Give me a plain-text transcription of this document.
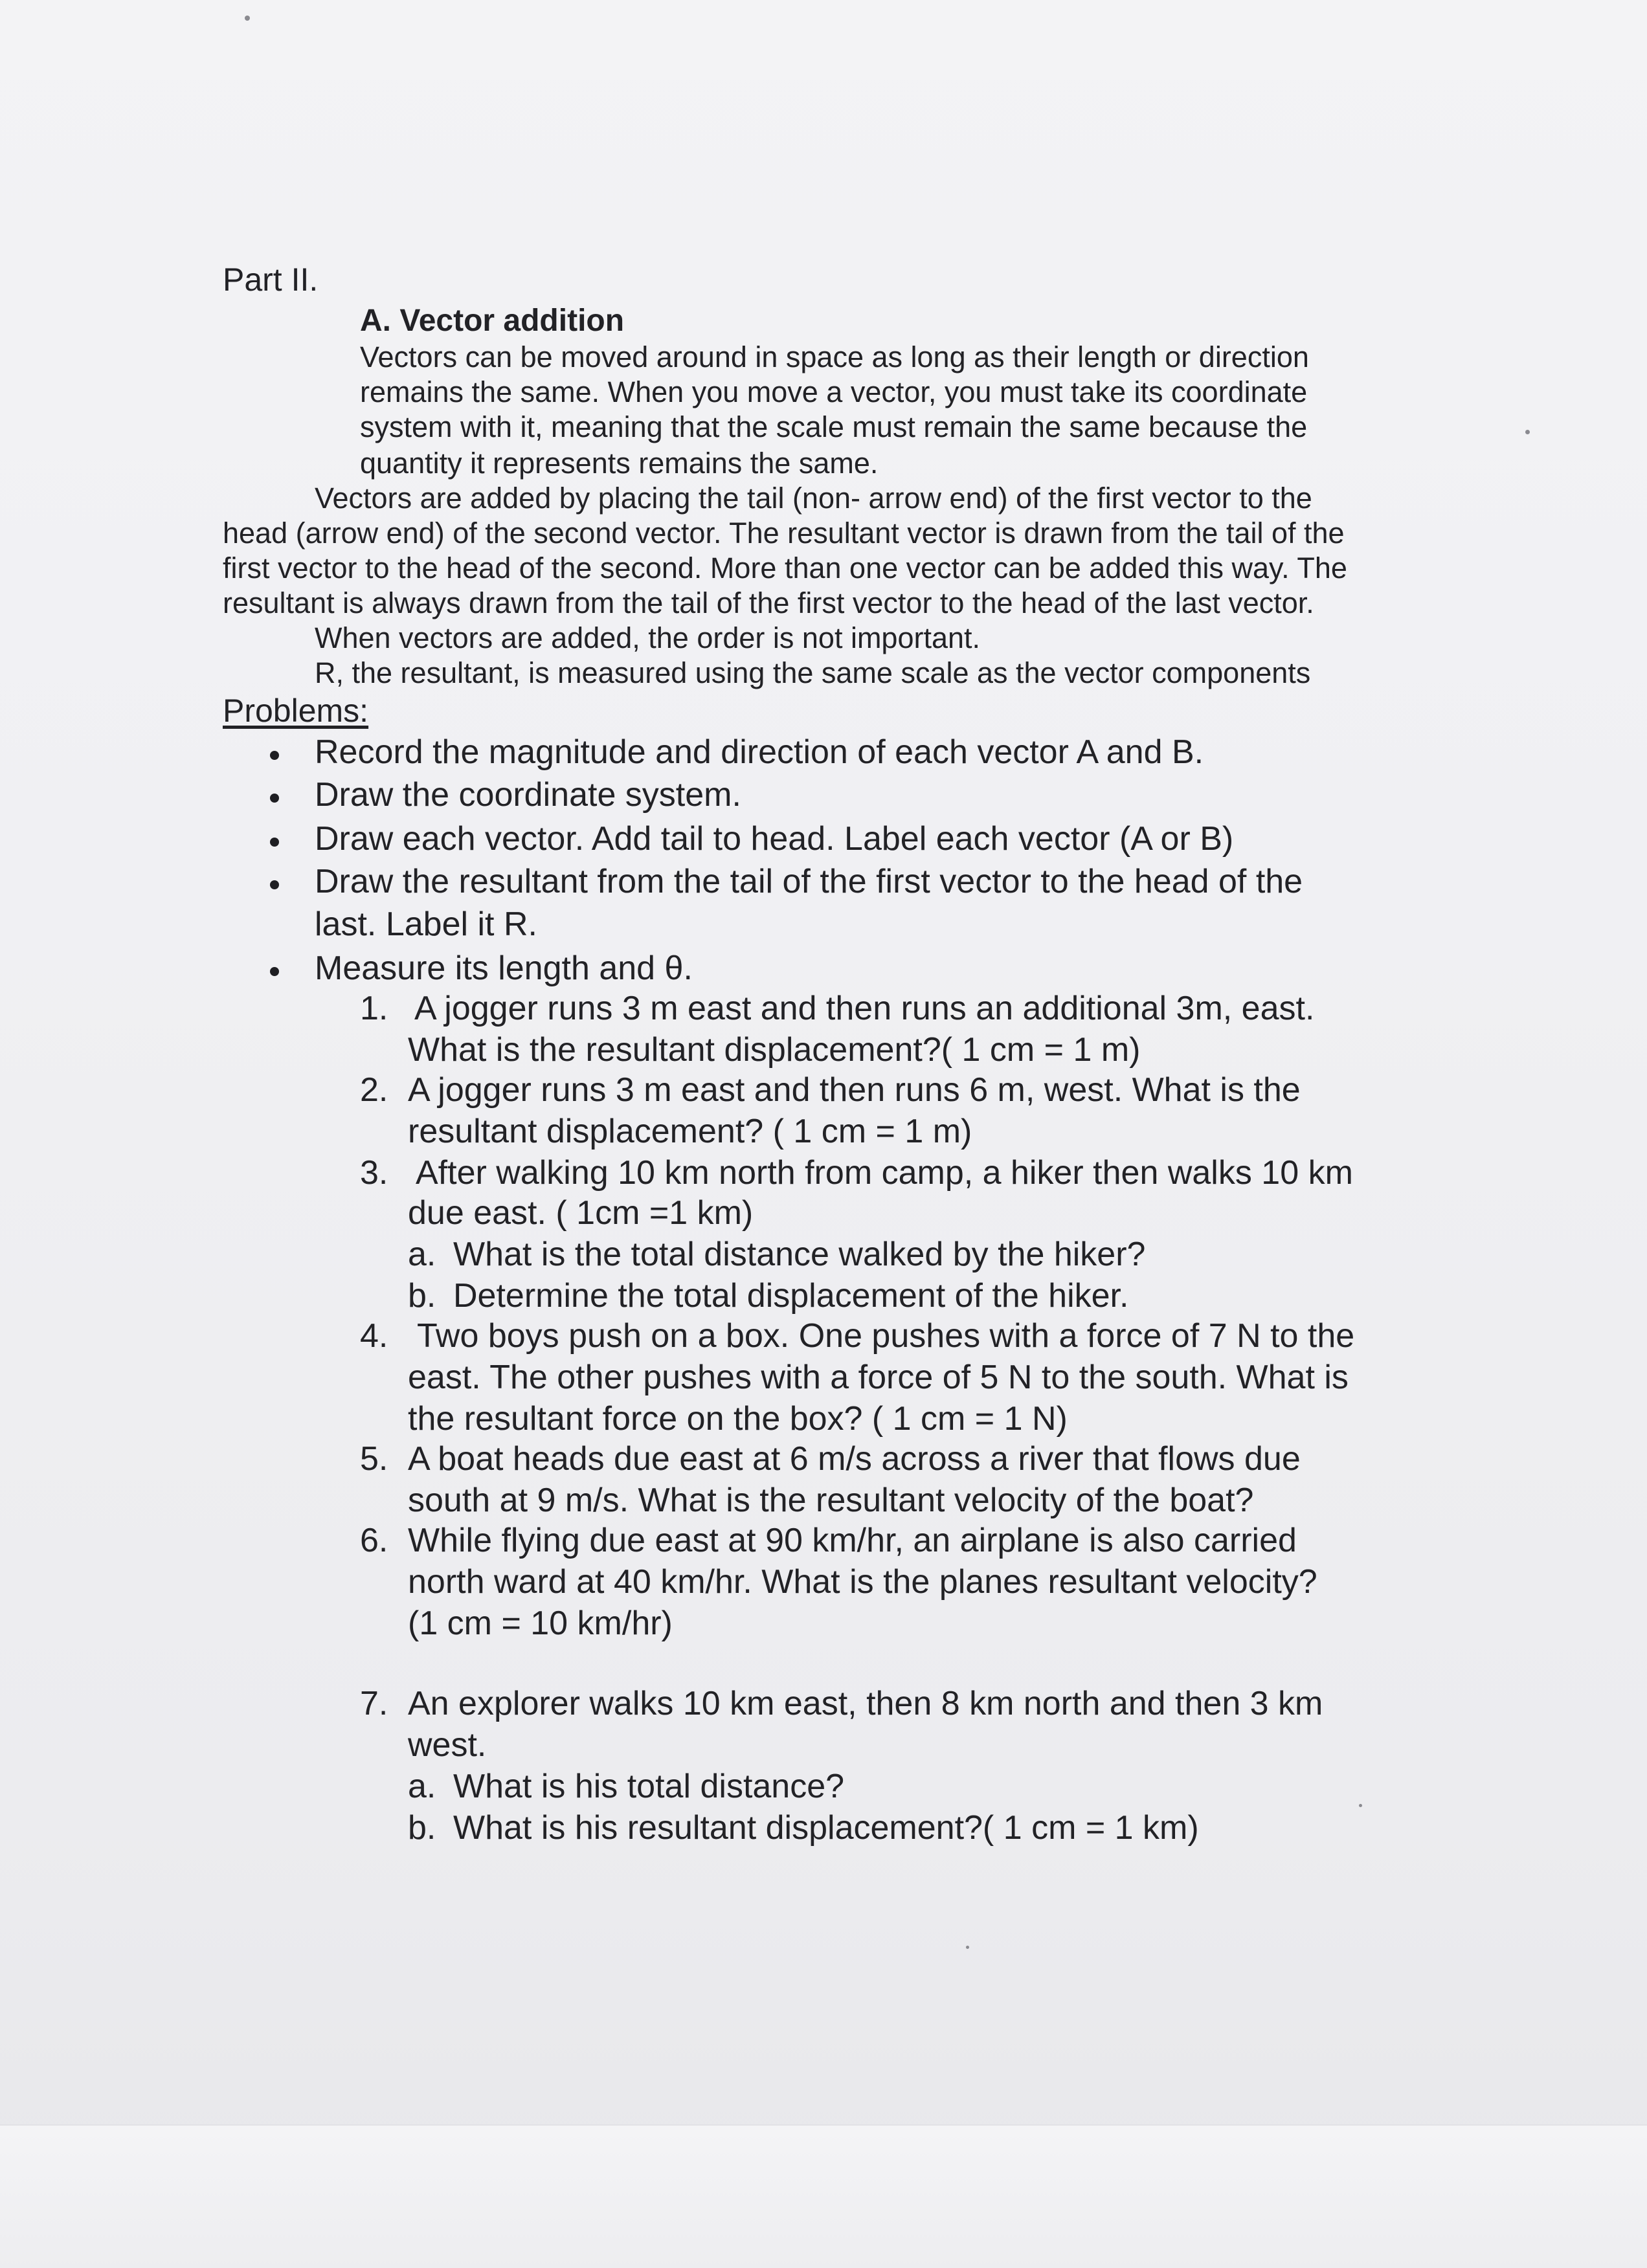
Part II.
A. Vector addition
Vectors can be moved around in space as long as their length or direction
remains the same. When you move a vector, you must take its coordinate
system with it, meaning that the scale must remain the same because the
quantity it represents remains the same.
Vectors are added by placing the tail (non- arrow end) of the first vector to the
head (arrow end) of the second vector. The resultant vector is drawn from the tail of the
first vector to the head of the second. More than one vector can be added this way. The
resultant is always drawn from the tail of the first vector to the head of the last vector.
When vectors are added, the order is not important.
R, the resultant, is measured using the same scale as the vector components
Problems:
Record the magnitude and direction of each vector A and B.
Draw the coordinate system.
Draw each vector. Add tail to head. Label each vector (A or B)
Draw the resultant from the tail of the first vector to the head of the
last. Label it R.
Measure its length and θ.
1. A jogger runs 3 m east and then runs an additional 3m, east.
What is the resultant displacement?( 1 cm = 1 m)
2. A jogger runs 3 m east and then runs 6 m, west. What is the
resultant displacement? ( 1 cm = 1 m)
3. After walking 10 km north from camp, a hiker then walks 10 km
due east. ( 1cm =1 km)
a. What is the total distance walked by the hiker?
b. Determine the total displacement of the hiker.
4. Two boys push on a box. One pushes with a force of 7 N to the
east. The other pushes with a force of 5 N to the south. What is
the resultant force on the box? ( 1 cm = 1 N)
5. A boat heads due east at 6 m/s across a river that flows due
south at 9 m/s. What is the resultant velocity of the boat?
6. While flying due east at 90 km/hr, an airplane is also carried
north ward at 40 km/hr. What is the planes resultant velocity?
(1 cm = 10 km/hr)
7. An explorer walks 10 km east, then 8 km north and then 3 km
west.
a. What is his total distance?
b. What is his resultant displacement?( 1 cm = 1 km)
